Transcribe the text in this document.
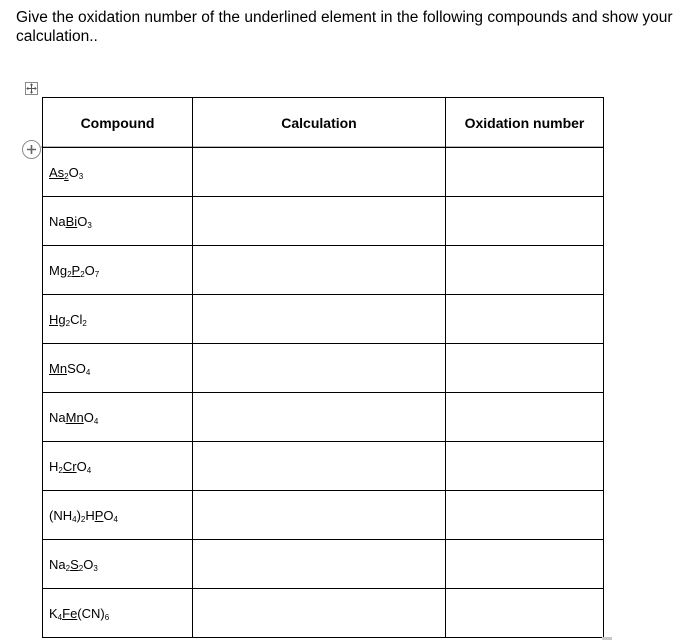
Give the oxidation number of the underlined element in the following compounds and show your calculation..

Compound	Calculation	Oxidation number
$As_2O_3$		
NaBiO$_3$		
$Mg_2P_2O_7$		
$Hg_2Cl_2$		
MnSO$_4$		
NaMnO$_4$		
$H_2CrO_4$		
$(NH_4)_2HPO_4$		
$Na_2S_2O_3$		
$K_4Fe(CN)_6$		
